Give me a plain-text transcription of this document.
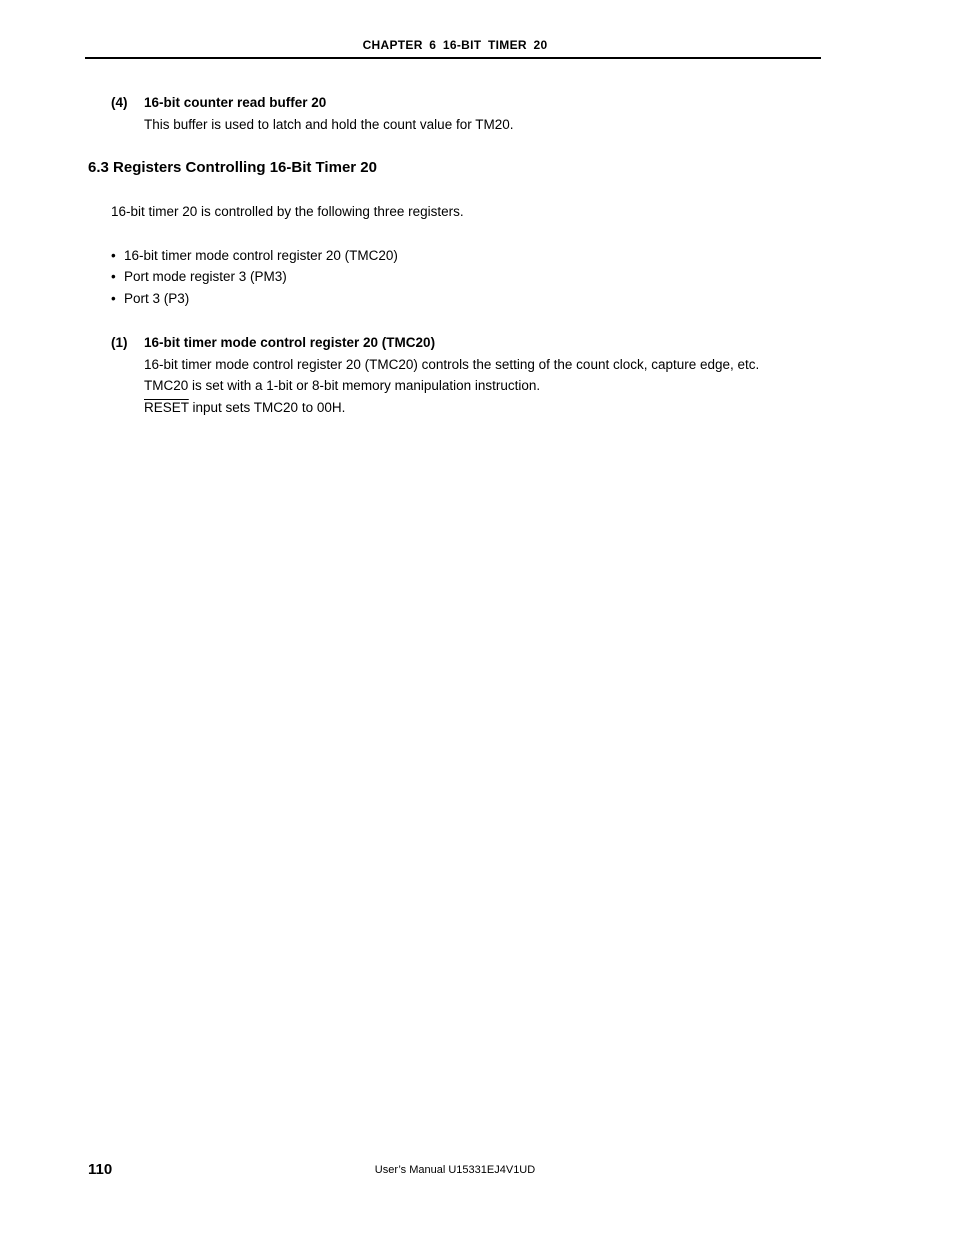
CHAPTER 6 16-BIT TIMER 20
(4) 16-bit counter read buffer 20
This buffer is used to latch and hold the count value for TM20.
6.3 Registers Controlling 16-Bit Timer 20
16-bit timer 20 is controlled by the following three registers.
• 16-bit timer mode control register 20 (TMC20)
• Port mode register 3 (PM3)
• Port 3 (P3)
(1) 16-bit timer mode control register 20 (TMC20)
16-bit timer mode control register 20 (TMC20) controls the setting of the count clock, capture edge, etc.
TMC20 is set with a 1-bit or 8-bit memory manipulation instruction.
RESET input sets TMC20 to 00H.
110	User’s Manual U15331EJ4V1UD
